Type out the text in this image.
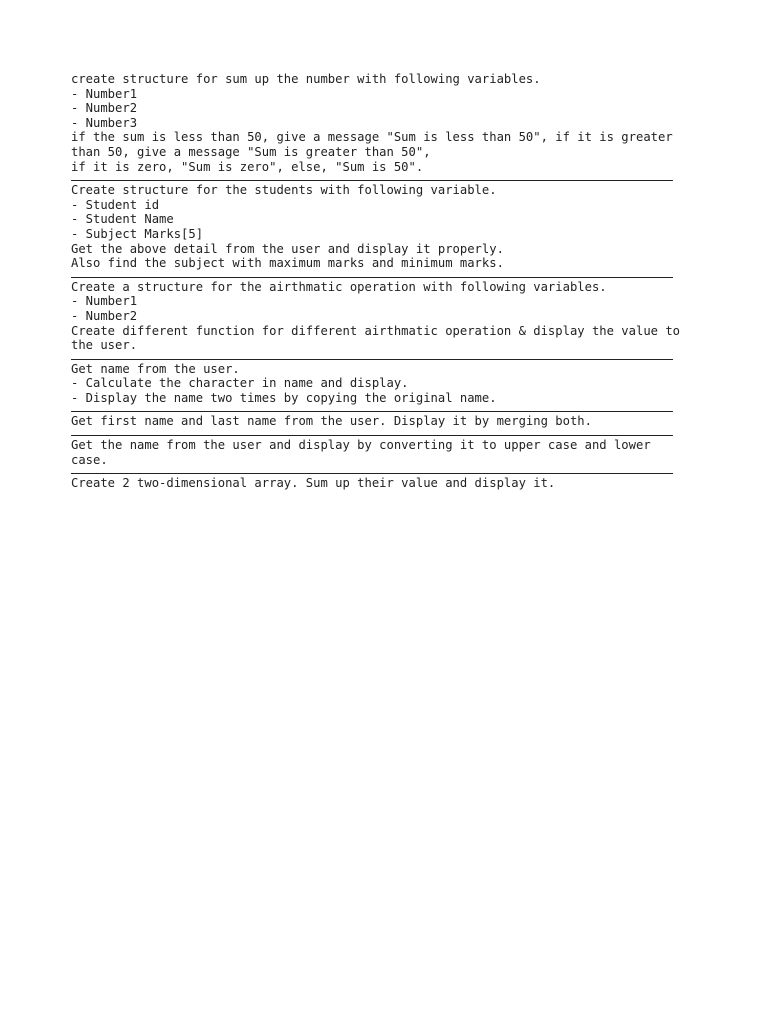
create structure for sum up the number with following variables.
- Number1
- Number2
- Number3
if the sum is less than 50, give a message "Sum is less than 50", if it is greater
than 50, give a message "Sum is greater than 50",
if it is zero, "Sum is zero", else, "Sum is 50".
Create structure for the students with following variable.
- Student id
- Student Name
- Subject Marks[5]
Get the above detail from the user and display it properly.
Also find the subject with maximum marks and minimum marks.
Create a structure for the airthmatic operation with following variables.
- Number1
- Number2
Create different function for different airthmatic operation & display the value to
the user.
Get name from the user.
- Calculate the character in name and display.
- Display the name two times by copying the original name.
Get first name and last name from the user. Display it by merging both.
Get the name from the user and display by converting it to upper case and lower
case.
Create 2 two-dimensional array. Sum up their value and display it.
